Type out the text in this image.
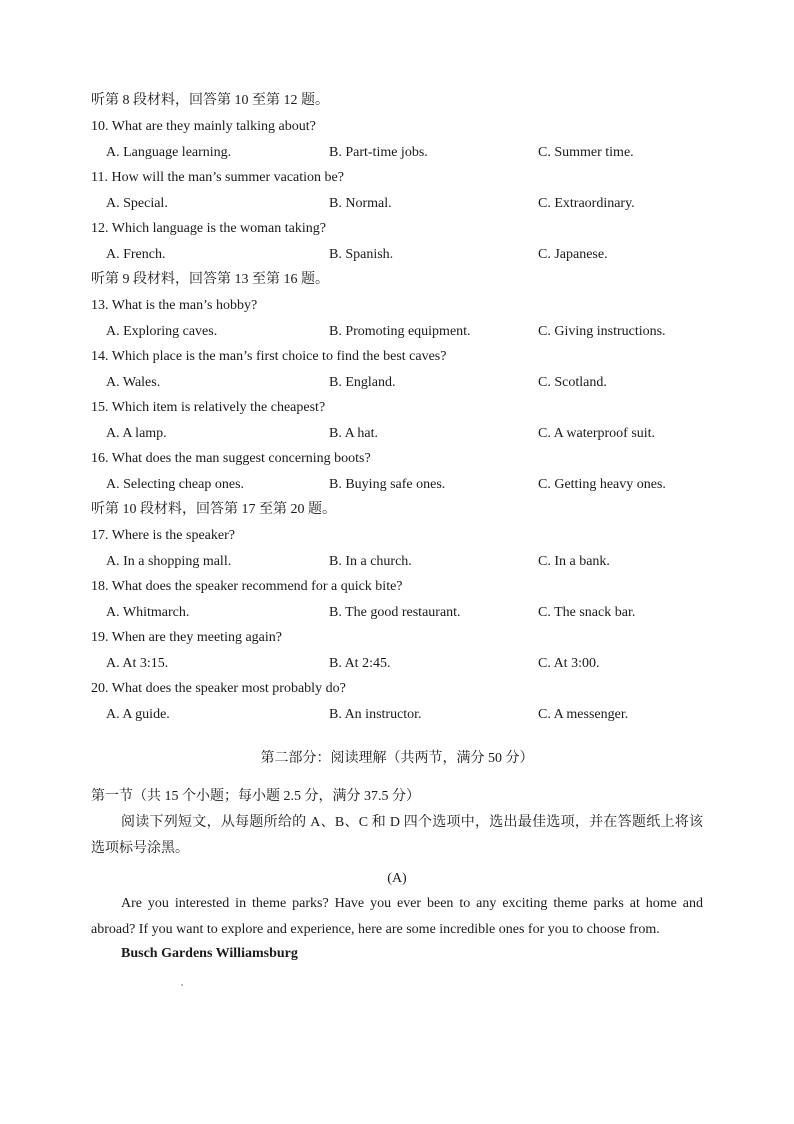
听第 8 段材料，回答第 10 至第 12 题。
10. What are they mainly talking about?
A. Language learning.	B. Part-time jobs.	C. Summer time.
11. How will the man’s summer vacation be?
A. Special.	B. Normal.	C. Extraordinary.
12. Which language is the woman taking?
A. French.	B. Spanish.	C. Japanese.
听第 9 段材料，回答第 13 至第 16 题。
13. What is the man’s hobby?
A. Exploring caves.	B. Promoting equipment.	C. Giving instructions.
14. Which place is the man’s first choice to find the best caves?
A. Wales.	B. England.	C. Scotland.
15. Which item is relatively the cheapest?
A. A lamp.	B. A hat.	C. A waterproof suit.
16. What does the man suggest concerning boots?
A. Selecting cheap ones.	B. Buying safe ones.	C. Getting heavy ones.
听第 10 段材料，回答第 17 至第 20 题。
17. Where is the speaker?
A. In a shopping mall.	B. In a church.	C. In a bank.
18. What does the speaker recommend for a quick bite?
A. Whitmarch.	B. The good restaurant.	C. The snack bar.
19. When are they meeting again?
A. At 3:15.	B. At 2:45.	C. At 3:00.
20. What does the speaker most probably do?
A. A guide.	B. An instructor.	C. A messenger.
第二部分：阅读理解（共两节，满分 50 分）
第一节（共 15 个小题；每小题 2.5 分，满分 37.5 分）
阅读下列短文，从每题所给的 A、B、C 和 D 四个选项中，选出最佳选项，并在答题纸上将该选项标号涂黑。
(A)
Are you interested in theme parks? Have you ever been to any exciting theme parks at home and abroad? If you want to explore and experience, here are some incredible ones for you to choose from.
Busch Gardens Williamsburg
